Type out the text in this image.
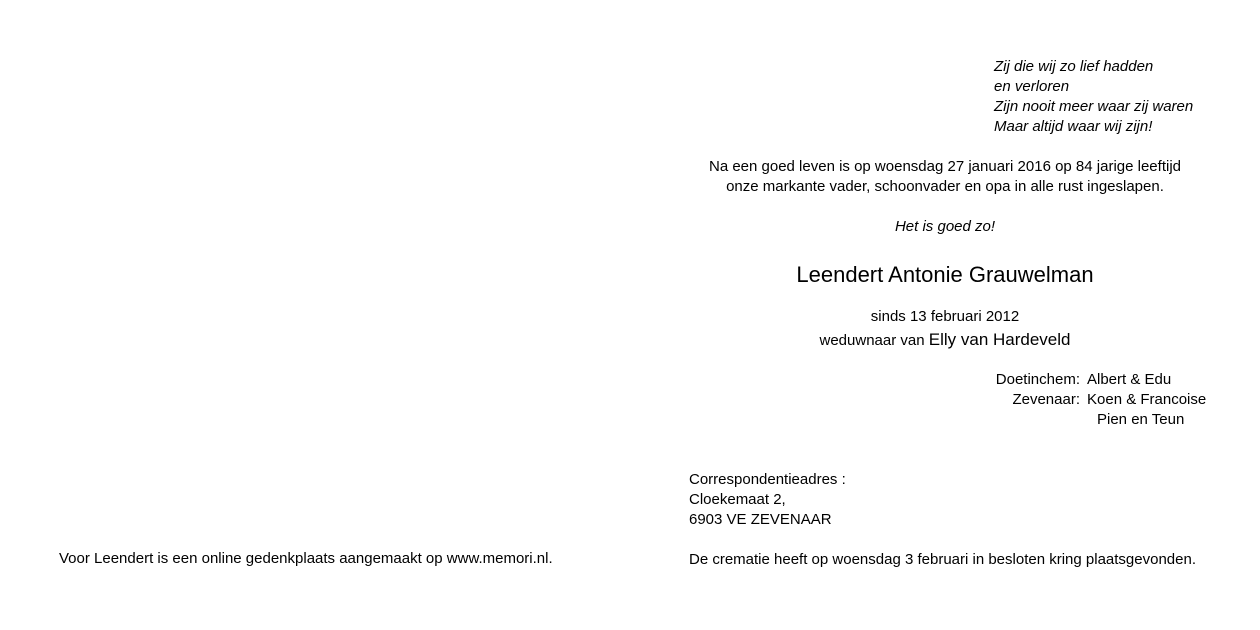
Zij die wij zo lief hadden
en verloren
Zijn nooit meer waar zij waren
Maar altijd waar wij zijn!
Na een goed leven is op woensdag 27 januari 2016 op 84 jarige leeftijd
onze markante vader, schoonvader en opa in alle rust ingeslapen.
Het is goed zo!
Leendert Antonie Grauwelman
sinds 13 februari 2012
weduwnaar van Elly van Hardeveld
Doetinchem: Albert & Edu
Zevenaar: Koen & Francoise
Pien en Teun
Correspondentieadres :
Cloekemaat 2,
6903 VE ZEVENAAR
Voor Leendert is een online gedenkplaats aangemaakt op www.memori.nl.	De crematie heeft op woensdag 3 februari in besloten kring plaatsgevonden.
